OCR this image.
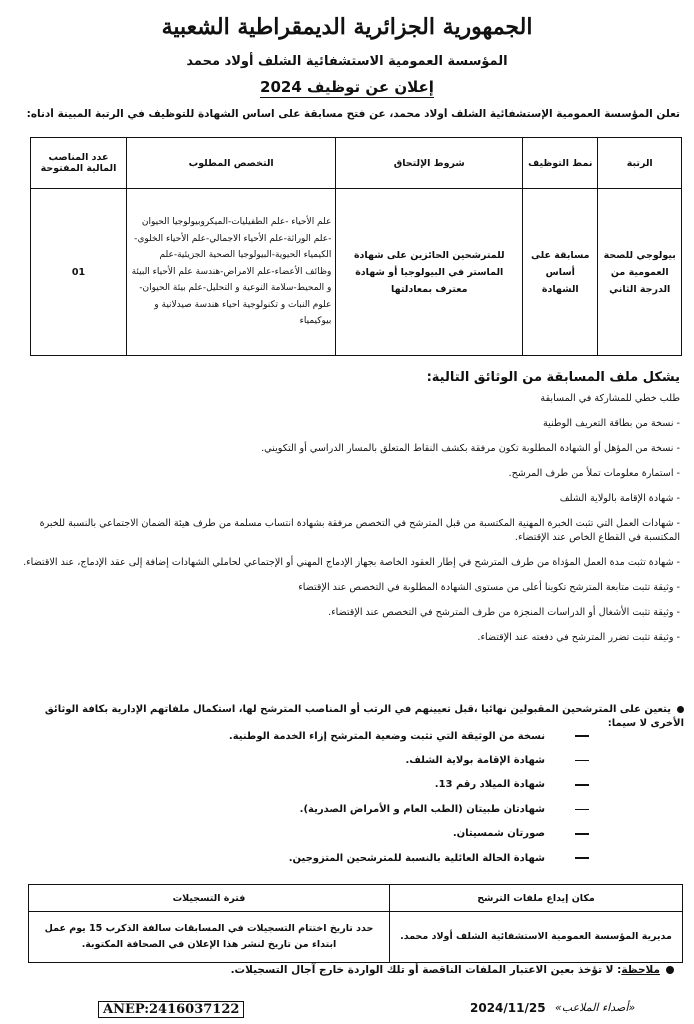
الجمهورية الجزائرية الديمقراطية الشعبية
المؤسسة العمومية الاستشفائية الشلف أولاد محمد
إعلان عن توظيف 2024
تعلن المؤسسة العمومية الإستشفائية الشلف أولاد محمد، عن فتح مسابقة على اساس الشهادة للتوظيف في الرتبة المبينة أدناه:
الرتبة	نمط التوظيف	شروط الإلتحاق	التخصص المطلوب	عدد المناصب المالية المفتوحة
بيولوجي للصحة العمومية من الدرجة الثاني	مسابقة على أساس الشهادة	للمترشحين الحائزين على شهادة الماستر في البيولوجيا أو شهادة معترف بمعادلتها	علم الأحياء -علم الطفيليات-الميكروبيولوجيا الحيوان -علم الوراثة-علم الأحياء الاجمالي-علم الأحياء الخلوي-الكيمياء الحيوية-البيولوجيا الصحية الجزيئية-علم وظائف الأعضاء-علم الامراض-هندسة علم الأحياء البيئة و المحيط-سلامة النوعية و التحليل-علم بيئة الحيوان-علوم النبات و تكنولوجية احياء هندسة صيدلانية و بيوكيمياء	01
يشكل ملف المسابقة من الوثائق التالية:
طلب خطي للمشاركة في المسابقة
- نسخة من بطاقة التعريف الوطنية
- نسخة من المؤهل أو الشهادة المطلوبة تكون مرفقة بكشف النقاط المتعلق بالمسار الدراسي أو التكويني.
- استمارة معلومات تملأ من طرف المرشح.
- شهادة الإقامة بالولاية الشلف
- شهادات العمل التي تثبت الخبرة المهنية المكتسبة من قبل المترشح في التخصص مرفقة بشهادة انتساب مسلمة من طرف هيئة الضمان الاجتماعي بالنسبة للخبرة المكتسبة في القطاع الخاص عند الإقتضاء.
- شهادة تثبت مدة العمل المؤداة من طرف المترشح في إطار العقود الخاصة بجهاز الإدماج المهني أو الإجتماعي لحاملي الشهادات إضافة إلى عقد الإدماج، عند الاقتضاء.
- وثيقة تثبت متابعة المترشح تكوينا أعلى من مستوى الشهادة المطلوبة في التخصص عند الإقتضاء
- وثيقة تثبت الأشغال أو الدراسات المنجزة من طرف المترشح في التخصص عند الإقتضاء.
- وثيقة تثبت تضرر المترشح في دفعته عند الإقتضاء.
يتعين على المترشحين المقبولين نهائيا ،قبل تعيينهم في الرتب أو المناصب المترشح لها، استكمال ملفاتهم الإدارية بكافة الوثائق الأخرى لا سيما:
نسخة من الوثيقة التي تثبت وضعية المترشح إزاء الخدمة الوطنية.
شهادة الإقامة بولاية الشلف.
شهادة الميلاد رقم 13.
شهادتان طبيتان (الطب العام و الأمراض الصدرية).
صورتان شمسيتان.
شهادة الحالة العائلية بالنسبة للمترشحين المتزوجين.
مكان إيداع ملفات الترشح	فترة التسجيلات
مديرية المؤسسة العمومية الاستشفائية الشلف أولاد محمد.	حدد تاريخ اختتام التسجيلات في المسابقات سالفة الذكرب 15 يوم عمل ابتداء من تاريخ لنشر هذا الإعلان في الصحافة المكتوبة.
ملاحظة: لا تؤخذ بعين الاعتبار الملفات الناقصة أو تلك الواردة خارج آجال التسجيلات.
«أصداء الملاعب»
2024/11/25
ANEP:2416037122
